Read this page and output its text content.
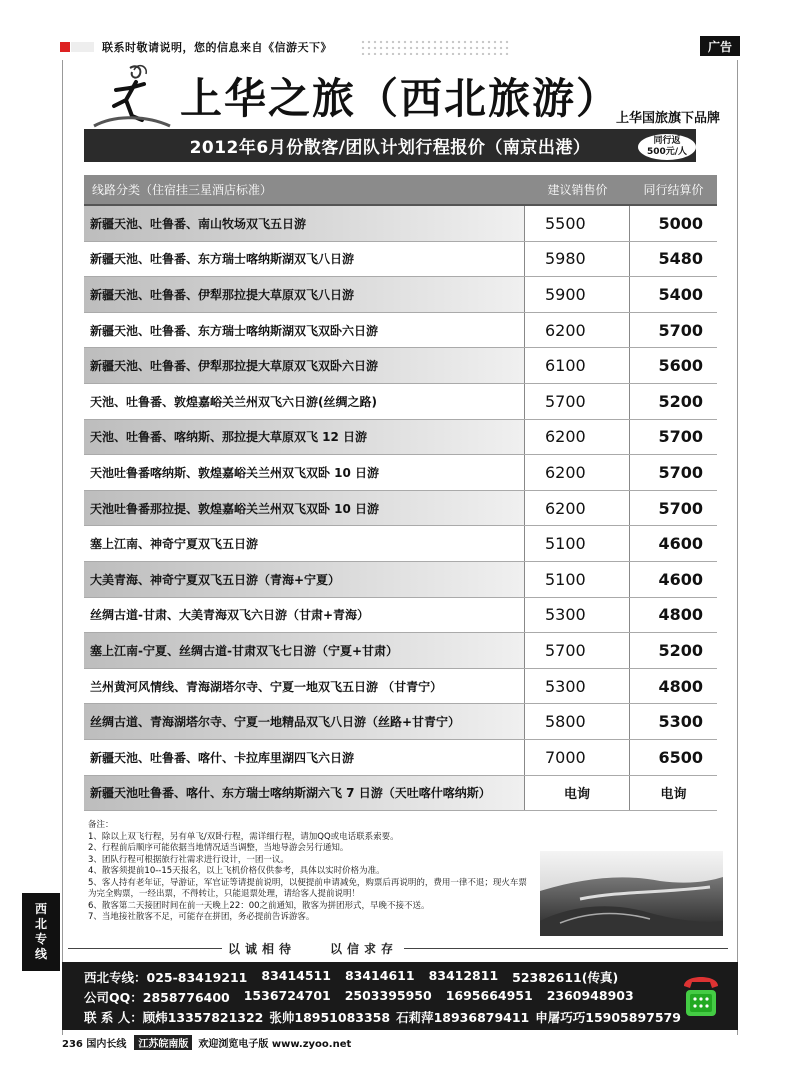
联系时敬请说明，您的信息来自《信游天下》	广告
上华之旅（西北旅游）
上华国旅旗下品牌
2012年6月份散客/团队计划行程报价（南京出港）	同行返
500元/人
线路分类（住宿挂三星酒店标准）	建议销售价	同行结算价
新疆天池、吐鲁番、南山牧场双飞五日游	5500	5000
新疆天池、吐鲁番、东方瑞士喀纳斯湖双飞八日游	5980	5480
新疆天池、吐鲁番、伊犁那拉提大草原双飞八日游	5900	5400
新疆天池、吐鲁番、东方瑞士喀纳斯湖双飞双卧六日游	6200	5700
新疆天池、吐鲁番、伊犁那拉提大草原双飞双卧六日游	6100	5600
天池、吐鲁番、敦煌嘉峪关兰州双飞六日游(丝绸之路)	5700	5200
天池、吐鲁番、喀纳斯、那拉提大草原双飞 12 日游	6200	5700
天池吐鲁番喀纳斯、敦煌嘉峪关兰州双飞双卧 10 日游	6200	5700
天池吐鲁番那拉提、敦煌嘉峪关兰州双飞双卧 10 日游	6200	5700
塞上江南、神奇宁夏双飞五日游	5100	4600
大美青海、神奇宁夏双飞五日游（青海+宁夏）	5100	4600
丝绸古道-甘肃、大美青海双飞六日游（甘肃+青海）	5300	4800
塞上江南-宁夏、丝绸古道-甘肃双飞七日游（宁夏+甘肃）	5700	5200
兰州黄河风情线、青海湖塔尔寺、宁夏一地双飞五日游 （甘青宁）	5300	4800
丝绸古道、青海湖塔尔寺、宁夏一地精品双飞八日游（丝路+甘青宁）	5800	5300
新疆天池、吐鲁番、喀什、卡拉库里湖四飞六日游	7000	6500
新疆天池吐鲁番、喀什、东方瑞士喀纳斯湖六飞 7 日游（天吐喀什喀纳斯）	电询	电询
备注：
1、除以上双飞行程，另有单飞/双卧行程，需详细行程，请加QQ或电话联系索要。
2、行程前后顺序可能依据当地情况适当调整，当地导游会另行通知。
3、团队行程可根据旅行社需求进行设计，一团一议。
4、散客须提前10--15天报名，以上飞机价格仅供参考，具体以实时价格为准。
5、客人持有老年证，导游证，军官证等请提前说明，以便提前申请减免，购票后再说明的，费用一律不退；现火车票
为完全购票，一经出票，不得转让，只能退票处理，请给客人提前说明！
6、散客第二天接团时间在前一天晚上22：00之前通知，散客为拼团形式，早晚不接不送。
7、当地接社散客不足，可能存在拼团，务必提前告诉游客。
以诚相待　　以信求存
西北专线：025-83419211 83414511 83414611 83412811 52382611(传真)
公司QQ：2858776400 1536724701 2503395950 1695664951 2360948903
联 系 人：顾炜13357821322 张帅18951083358 石莉萍18936879411 申屠巧巧15905897579
西
北
专
线
236 国内长线	江苏皖南版	欢迎浏览电子版 www.zyoo.net
